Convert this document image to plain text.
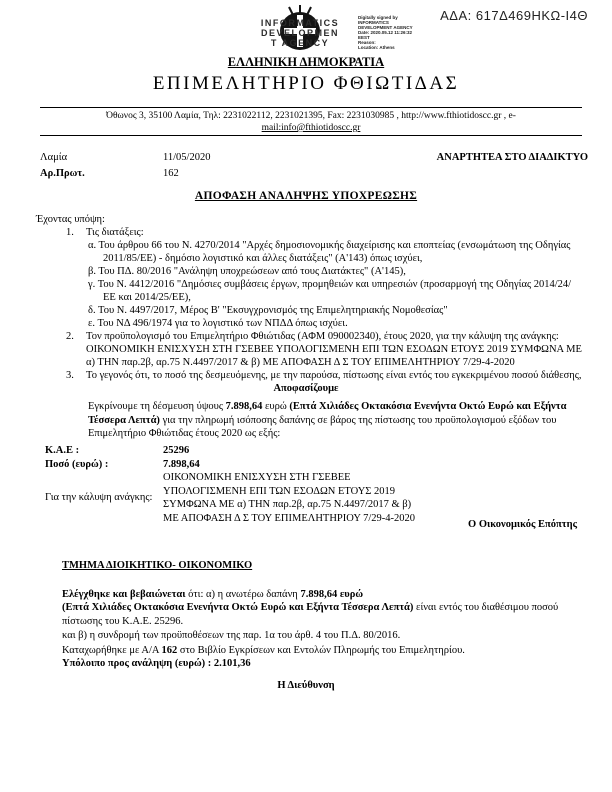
ΑΔΑ: 617Δ469ΗΚΩ-Ι4Θ
INFORMATICS
DEVELOPMEN
T AGENCY
Digitally signed by
INFORMATICS
DEVELOPMENT AGENCY
Date: 2020.05.12 11:26:32
EEST
Reason:
Location: Athens
ΕΛΛΗΝΙΚΗ ΔΗΜΟΚΡΑΤΙΑ
ΕΠΙΜΕΛΗΤΗΡΙΟ ΦΘΙΩΤΙΔΑΣ
Όθωνος 3, 35100 Λαμία, Τηλ: 2231022112, 2231021395, Fax: 2231030985 , http://www.fthiotidoscc.gr , e-
mail:info@fthiotidoscc.gr
Λαμία	11/05/2020	ΑΝΑΡΤΗΤΕΑ ΣΤΟ ΔΙΑΔΙΚΤΥΟ
Αρ.Πρωτ.	162
ΑΠΟΦΑΣΗ ΑΝΑΛΗΨΗΣ ΥΠΟΧΡΕΩΣΗΣ
Έχοντας υπόψη:
1.	Τις διατάξεις:
α. Του άρθρου 66 του Ν. 4270/2014 "Αρχές δημοσιονομικής διαχείρισης και εποπτείας (ενσωμάτωση της Οδηγίας 2011/85/ΕΕ) - δημόσιο λογιστικό και άλλες διατάξεις" (Α'143) όπως ισχύει,
β. Του ΠΔ. 80/2016 "Ανάληψη υποχρεώσεων από τους Διατάκτες" (Α'145),
γ. Του Ν. 4412/2016 "Δημόσιες συμβάσεις έργων, προμηθειών και υπηρεσιών (προσαρμογή της Οδηγίας 2014/24/ΕΕ και 2014/25/ΕΕ),
δ. Του Ν. 4497/2017, Μέρος Β' "Εκσυγχρονισμός της Επιμελητηριακής Νομοθεσίας"
ε. Του ΝΔ 496/1974 για το λογιστικό των ΝΠΔΔ όπως ισχύει.
2.	Τον προϋπολογισμό του Επιμελητήριο Φθιώτιδας (ΑΦΜ 090002340), έτους 2020, για την κάλυψη της ανάγκης: ΟΙΚΟΝΟΜΙΚΗ ΕΝΙΣΧΥΣΗ ΣΤΗ ΓΣΕΒΕΕ ΥΠΟΛΟΓΙΣΜΕΝΗ ΕΠΙ ΤΩΝ ΕΣΟΔΩΝ ΕΤΟΥΣ 2019 ΣΥΜΦΩΝΑ ΜΕ α) ΤΗΝ παρ.2β, αρ.75 Ν.4497/2017 & β) ΜΕ ΑΠΟΦΑΣΗ Δ Σ ΤΟΥ ΕΠΙΜΕΛΗΤΗΡΙΟΥ 7/29-4-2020
3.	Το γεγονός ότι, το ποσό της δεσμευόμενης, με την παρούσα, πίστωσης είναι εντός του εγκεκριμένου ποσού διάθεσης,
Αποφασίζουμε
Εγκρίνουμε τη δέσμευση ύψους 7.898,64 ευρώ (Επτά Χιλιάδες Οκτακόσια Ενενήντα Οκτώ Ευρώ και Εξήντα Τέσσερα Λεπτά) για την πληρωμή ισόποσης δαπάνης σε βάρος της πίστωσης του προϋπολογισμού εξόδων του Επιμελητήριο Φθιώτιδας έτους 2020 ως εξής:
Κ.Α.Ε :	25296
Ποσό (ευρώ) :	7.898,64
Για την κάλυψη ανάγκης:
ΟΙΚΟΝΟΜΙΚΗ ΕΝΙΣΧΥΣΗ ΣΤΗ ΓΣΕΒΕΕ
ΥΠΟΛΟΓΙΣΜΕΝΗ ΕΠΙ ΤΩΝ ΕΣΟΔΩΝ ΕΤΟΥΣ 2019
ΣΥΜΦΩΝΑ ΜΕ α) ΤΗΝ παρ.2β, αρ.75 Ν.4497/2017 & β)
ΜΕ ΑΠΟΦΑΣΗ Δ Σ ΤΟΥ ΕΠΙΜΕΛΗΤΗΡΙΟΥ 7/29-4-2020
Ο Οικονομικός Επόπτης
ΤΜΗΜΑ ΔΙΟΙΚΗΤΙΚΟ- ΟΙΚΟΝΟΜΙΚΟ
Ελέγχθηκε και βεβαιώνεται ότι: α) η ανωτέρω δαπάνη 7.898,64 ευρώ
(Επτά Χιλιάδες Οκτακόσια Ενενήντα Οκτώ Ευρώ και Εξήντα Τέσσερα Λεπτά) είναι εντός του διαθέσιμου ποσού
πίστωσης του Κ.Α.Ε. 25296.
και β) η συνδρομή των προϋποθέσεων της παρ. 1α του άρθ. 4 του Π.Δ. 80/2016.
Καταχωρήθηκε με Α/Α 162 στο Βιβλίο Εγκρίσεων και Εντολών Πληρωμής του Επιμελητηρίου.
Υπόλοιπο προς ανάληψη (ευρώ) : 2.101,36
Η Διεύθυνση
